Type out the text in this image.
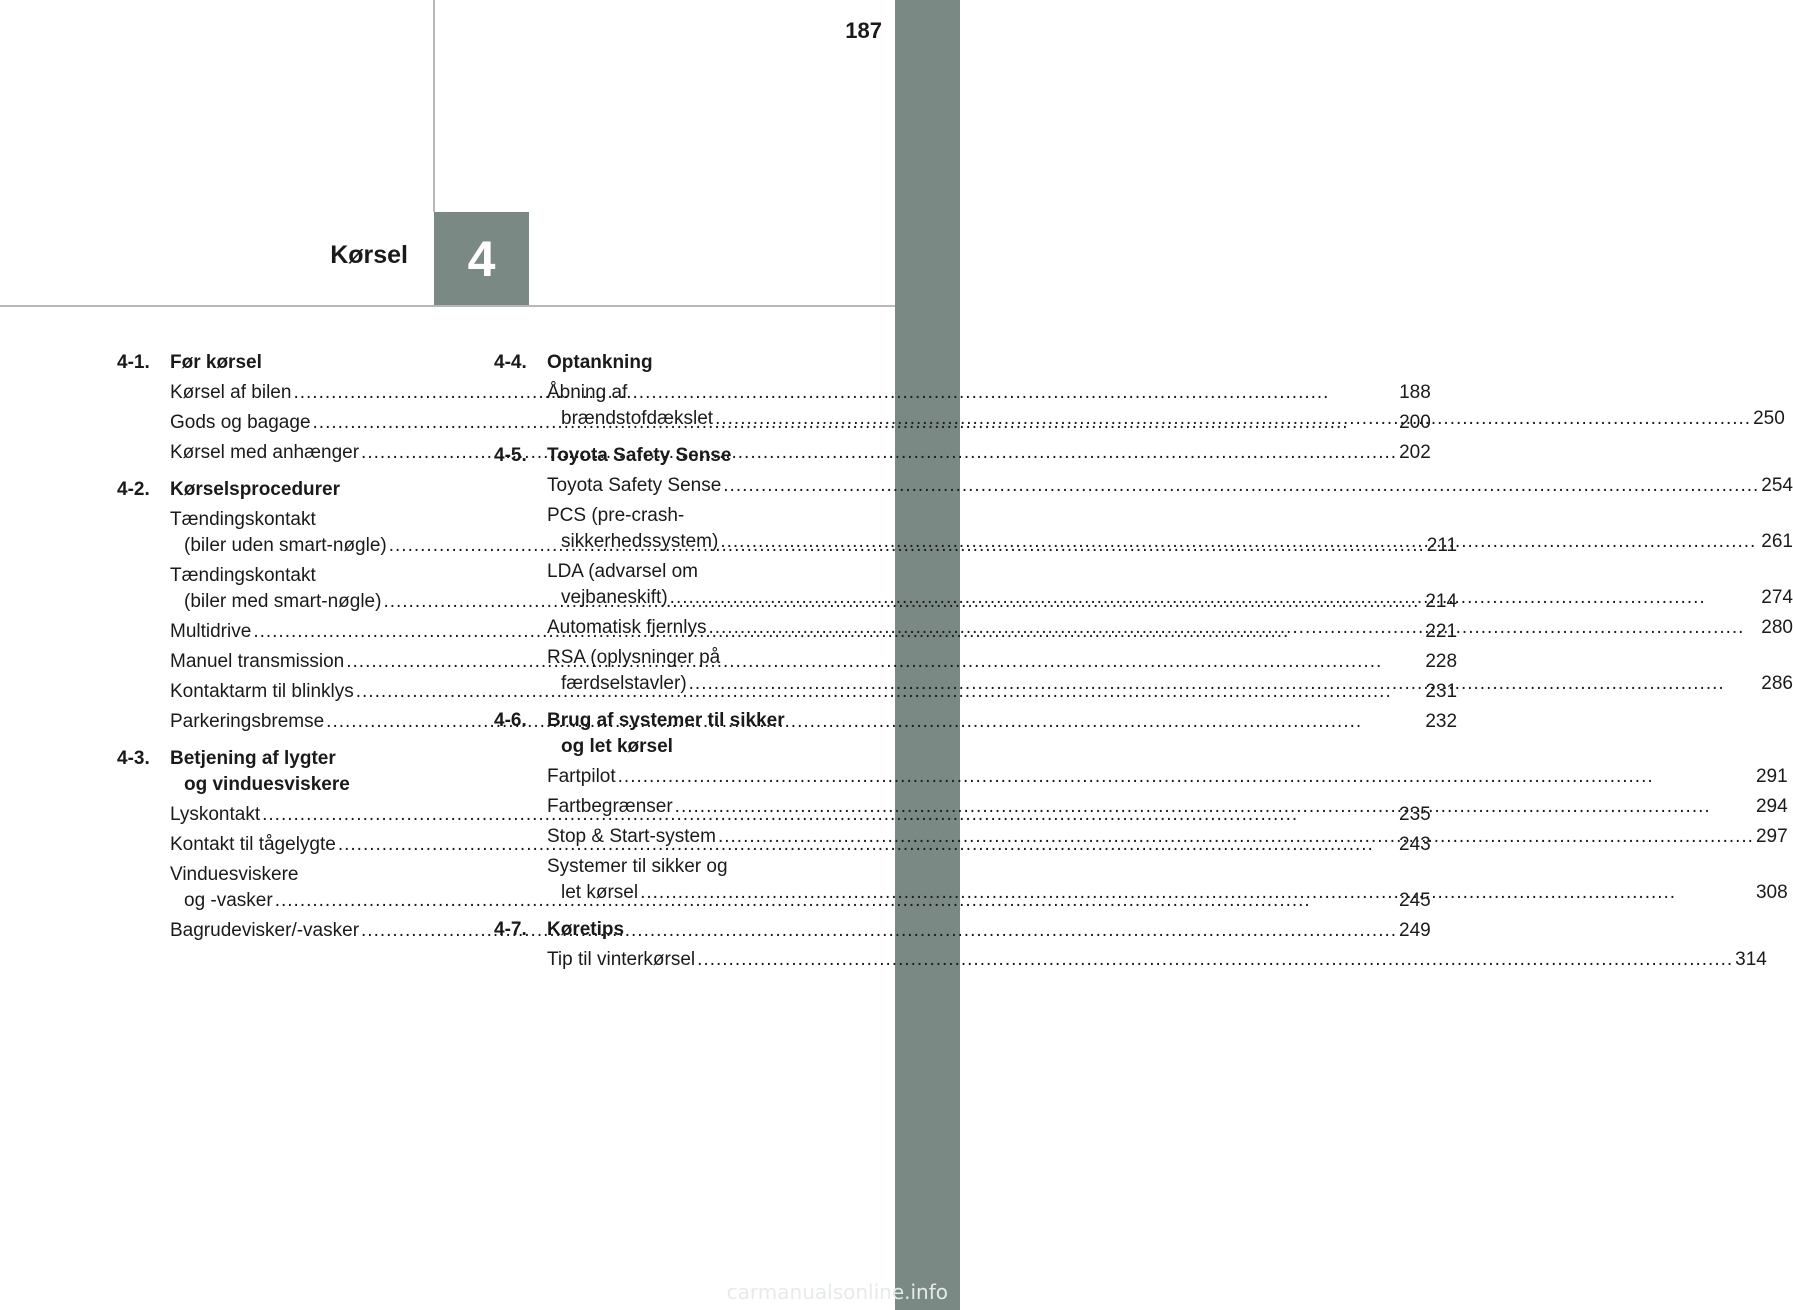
187
Kørsel 4
4-1.	Før kørsel
Kørsel af bilen .....	188
Gods og bagage .....	200
Kørsel med anhænger .....	202
4-2.	Kørselsprocedurer
Tændingskontakt
(biler uden smart-nøgle) .....	211
Tændingskontakt
(biler med smart-nøgle) .....	214
Multidrive .....	221
Manuel transmission .....	228
Kontaktarm til blinklys .....	231
Parkeringsbremse .....	232
4-3.	Betjening af lygter

og vinduesviskere
Lyskontakt .....	235
Kontakt til tågelygte .....	243
Vinduesviskere
og -vasker .....	245
Bagrudevisker/-vasker .....	249
4-4.	Optankning
Åbning af
brændstofdækslet .....	250
4-5.	Toyota Safety Sense
Toyota Safety Sense .....	254
PCS (pre-crash-
sikkerhedssystem) .....	261
LDA (advarsel om
vejbaneskift) .....	274
Automatisk fjernlys .....	280
RSA (oplysninger på
færdselstavler) .....	286
4-6.	Brug af systemer til sikker

og let kørsel
Fartpilot .....	291
Fartbegrænser .....	294
Stop & Start-system .....	297
Systemer til sikker og
let kørsel .....	308
4-7.	Køretips
Tip til vinterkørsel .....	314
carmanualsonline.info
